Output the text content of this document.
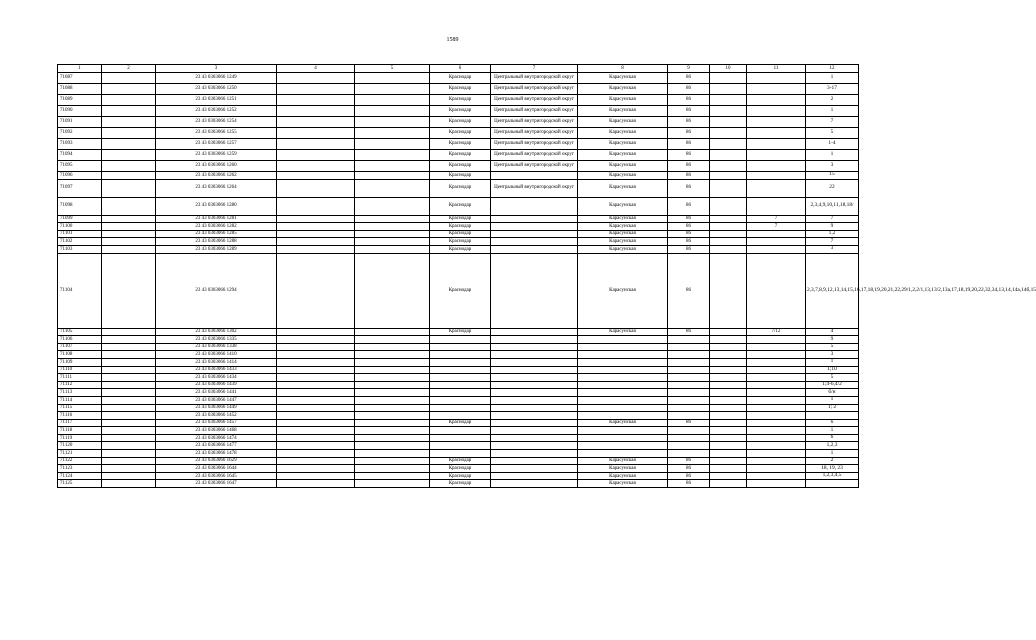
1589
1	2	3	4	5	6	7	8	9	10	11	12
71087		23 43 0303066 1249			Краснодар	Центральный внутригородской округ	Карасунская	86			1
71088		23 43 0303066 1250			Краснодар	Центральный внутригородской округ	Карасунская	86			3-17
71089		23 43 0303066 1251			Краснодар	Центральный внутригородской округ	Карасунская	86			2
71090		23 43 0303066 1252			Краснодар	Центральный внутригородской округ	Карасунская	86			1
71091		23 43 0303066 1254			Краснодар	Центральный внутригородской округ	Карасунская	86			7
71092		23 43 0303066 1255			Краснодар	Центральный внутригородской округ	Карасунская	86			5
71093		23 43 0303066 1257			Краснодар	Центральный внутригородской округ	Карасунская	86			1-4
71094		23 43 0303066 1259			Краснодар	Центральный внутригородской округ	Карасунская	86			1
71095		23 43 0303066 1260			Краснодар	Центральный внутригородской округ	Карасунская	86			3
71096		23 43 0303066 1262			Краснодар		Карасунская	86			15
71097		23 43 0303066 1264			Краснодар	Центральный внутригородской округ	Карасунская	86			22
71098		23 43 0303066 1280			Краснодар		Карасунская	86			2,3,4,9,10,11,18,18/
71099		23 43 0303066 1281			Краснодар		Карасунская	86		7	7
71100		23 43 0303066 1282			Краснодар		Карасунская	86		7	9
71101		23 43 0303066 1285			Краснодар		Карасунская	86			1,2
71102		23 43 0303066 1288			Краснодар		Карасунская	86			7
71103		23 43 0303066 1289			Краснодар		Карасунская	86			3
71104		23 43 0303066 1294			Краснодар		Карасунская	86			2,3,7,8,9,12,13,14,15,16,17,18,19,20,21,22,29/1,2,2/1,13,13/2,13a,17,18,19,20,22,32,34,13,14,14a,14б,15
71105		23 43 0303066 1302			Краснодар		Карасунская	86		7/12	4
71106		23 43 0303066 1335									9
71107		23 43 0303066 1338									5
71108		23 43 0303066 1410									3
71109		23 43 0303066 1414									1
71110		23 43 0303066 1433									1;10
71111		23 43 0303066 1434									5
71112		23 43 0303066 1439									1;4-6,4/2
71113		23 43 0303066 1441									б/н
71114		23 43 0303066 1447									1
71115		23 43 0303066 1449									1; 2
71116		23 43 0303066 1452									
71117		23 43 0303066 1457			Краснодар		Карасунская	86			6
71118		23 43 0303066 1468									1
71119		23 43 0303066 1474									6
71120		23 43 0303066 1477									1,2,3
71121		23 43 0303066 1478									1
71122		23 43 0303066 1629			Краснодар		Карасунская	86			2
71123		23 43 0303066 1644			Краснодар		Карасунская	86			18, 19, 23
71124		23 43 0303066 1645			Краснодар		Карасунская	86			1,2,3,4,5
71125		23 43 0303066 1647			Краснодар		Карасунская	86			
